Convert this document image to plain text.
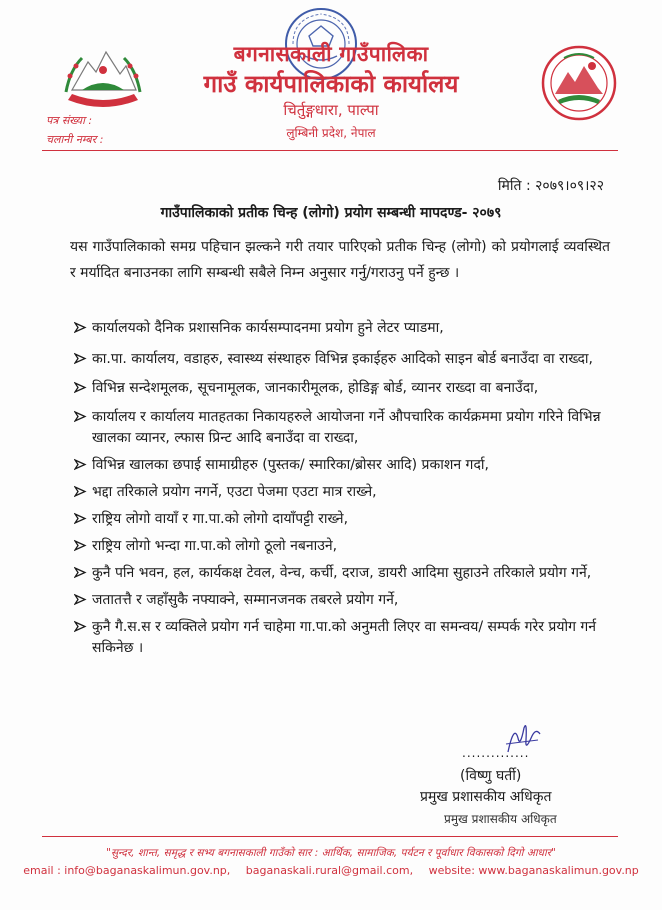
बगनासकाली गाउँपालिका
गाउँ कार्यपालिकाको कार्यालय
चिर्तुङ्गधारा, पाल्पा
लुम्बिनी प्रदेश, नेपाल
पत्र संख्या :
चलानी नम्बर :
मिति : २०७९।०९।२२
गाउँपालिकाको प्रतीक चिन्ह (लोगो) प्रयोग सम्बन्धी मापदण्ड- २०७९
यस गाउँपालिकाको समग्र पहिचान झल्कने गरी तयार पारिएको प्रतीक चिन्ह (लोगो) को प्रयोगलाई व्यवस्थित र मर्यादित बनाउनका लागि सम्बन्धी सबैले निम्न अनुसार गर्नु/गराउनु पर्ने हुन्छ ।
कार्यालयको दैनिक प्रशासनिक कार्यसम्पादनमा प्रयोग हुने लेटर प्याडमा,
का.पा. कार्यालय, वडाहरु, स्वास्थ्य संस्थाहरु विभिन्न इकाईहरु आदिको साइन बोर्ड बनाउँदा वा राख्दा,
विभिन्न सन्देशमूलक, सूचनामूलक, जानकारीमूलक, होडिङ्ग बोर्ड, व्यानर राख्दा वा बनाउँदा,
कार्यालय र कार्यालय मातहतका निकायहरुले आयोजना गर्ने औपचारिक कार्यक्रममा प्रयोग गरिने विभिन्न खालका व्यानर, ल्फास प्रिन्ट आदि बनाउँदा वा राख्दा,
विभिन्न खालका छपाई सामाग्रीहरु (पुस्तक/ स्मारिका/ब्रोसर आदि) प्रकाशन गर्दा,
भद्दा तरिकाले प्रयोग नगर्ने, एउटा पेजमा एउटा मात्र राख्ने,
राष्ट्रिय लोगो वायाँ र गा.पा.को लोगो दायाँपट्टी राख्ने,
राष्ट्रिय लोगो भन्दा गा.पा.को लोगो ठूलो नबनाउने,
कुनै पनि भवन, हल, कार्यकक्ष टेवल, वेन्च, कर्ची, दराज, डायरी आदिमा सुहाउने तरिकाले प्रयोग गर्ने,
जतातत्तै र जहाँसुकै नफ्याक्ने, सम्मानजनक तबरले प्रयोग गर्ने,
कुनै गै.स.स र व्यक्तिले प्रयोग गर्न चाहेमा गा.पा.को अनुमती लिएर वा समन्वय/ सम्पर्क गरेर प्रयोग गर्न सकिनेछ ।
..............
(विष्णु घर्ती)
प्रमुख प्रशासकीय अधिकृत
प्रमुख प्रशासकीय अधिकृत
"सुन्दर, शान्त, समृद्ध र सभ्य बगनासकाली गाउँको सार : आर्थिक, सामाजिक, पर्यटन र पूर्वाधार विकासको दिगो आधार"
email : info@baganaskalimun.gov.np, baganaskali.rural@gmail.com, website: www.baganaskalimun.gov.np
